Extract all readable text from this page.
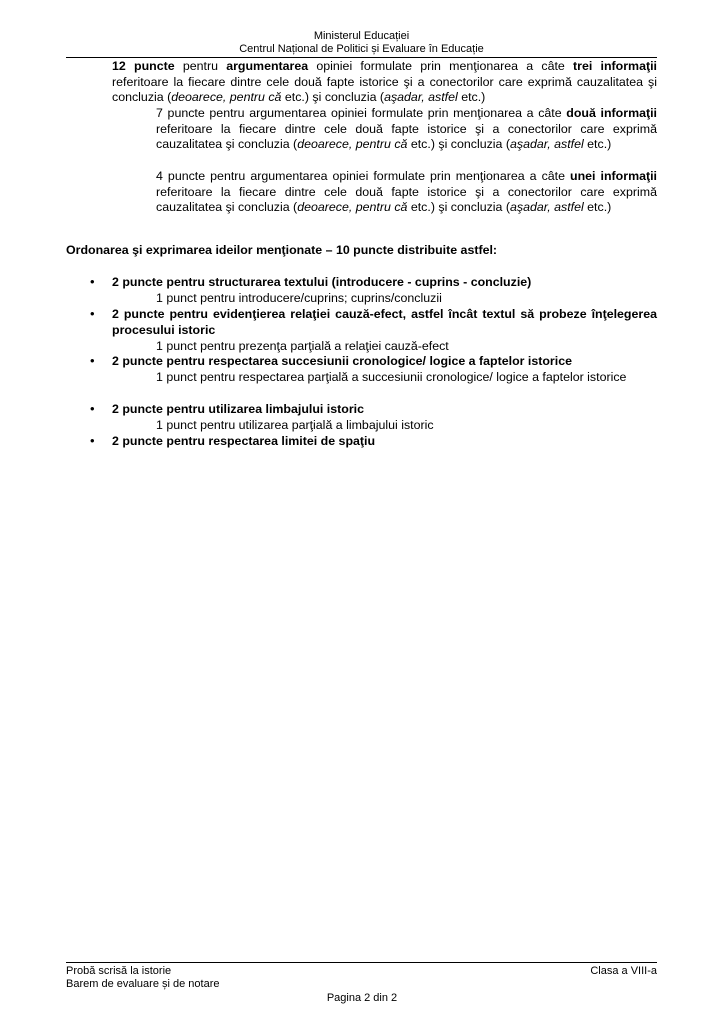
Ministerul Educației
Centrul Național de Politici și Evaluare în Educație
12 puncte pentru argumentarea opiniei formulate prin menţionarea a câte trei informaţii referitoare la fiecare dintre cele două fapte istorice şi a conectorilor care exprimă cauzalitatea şi concluzia (deoarece, pentru că etc.) şi concluzia (aşadar, astfel etc.)
7 puncte pentru argumentarea opiniei formulate prin menţionarea a câte două informaţii referitoare la fiecare dintre cele două fapte istorice şi a conectorilor care exprimă cauzalitatea şi concluzia (deoarece, pentru că etc.) şi concluzia (aşadar, astfel etc.)
4 puncte pentru argumentarea opiniei formulate prin menţionarea a câte unei informaţii referitoare la fiecare dintre cele două fapte istorice şi a conectorilor care exprimă cauzalitatea şi concluzia (deoarece, pentru că etc.) şi concluzia (aşadar, astfel etc.)
Ordonarea şi exprimarea ideilor menţionate – 10 puncte distribuite astfel:
•	2 puncte pentru structurarea textului (introducere - cuprins - concluzie)
1 punct pentru introducere/cuprins; cuprins/concluzii
•	2 puncte pentru evidenţierea relaţiei cauză-efect, astfel încât textul să probeze înţelegerea procesului istoric
1 punct pentru prezenţa parţială a relaţiei cauză-efect
•	2 puncte pentru respectarea succesiunii cronologice/ logice a faptelor istorice
1 punct pentru respectarea parţială a succesiunii cronologice/ logice a faptelor istorice
•	2 puncte pentru utilizarea limbajului istoric
1 punct pentru utilizarea parţială a limbajului istoric
•	2 puncte pentru respectarea limitei de spaţiu
Probă scrisă la istorie
Barem de evaluare și de notare
Clasa a VIII-a
Pagina 2 din 2
